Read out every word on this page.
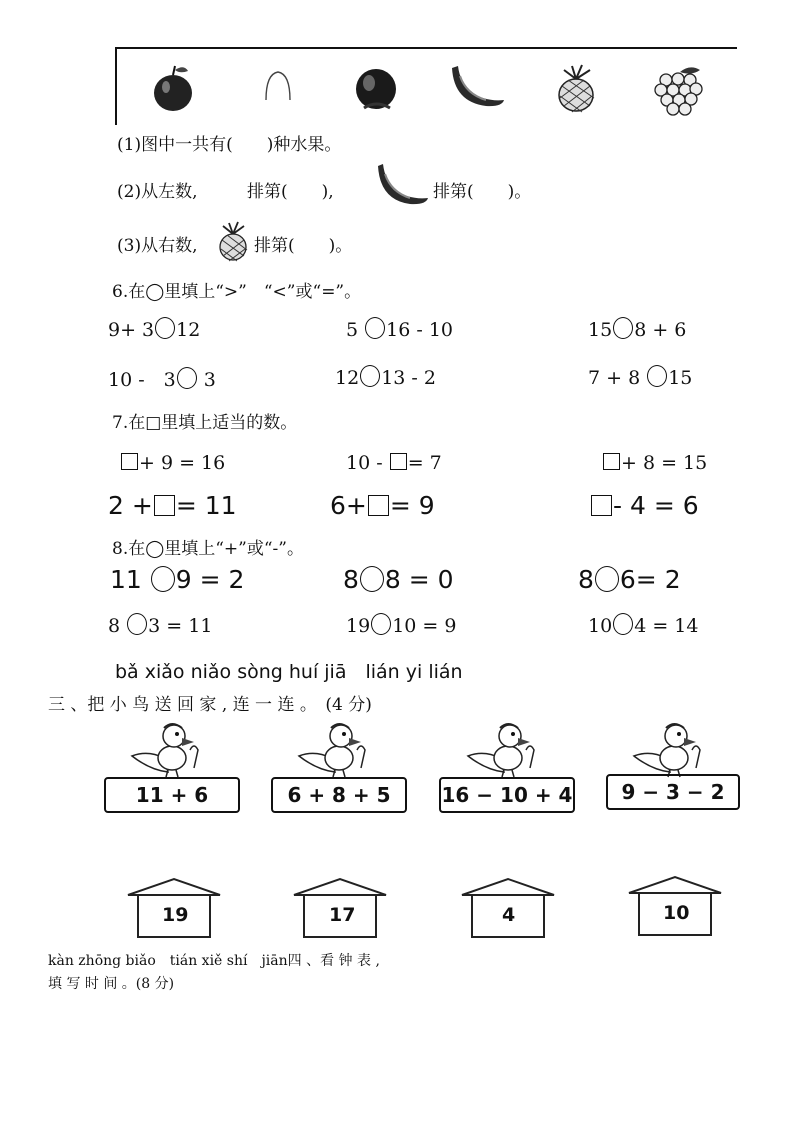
(1)图中一共有(　　)种水果。
(2)从左数,	排第(　　),	排第(　　)。
(3)从右数,	排第(　　)。
6.在◯里填上“>”　“<”或“=”。
9+ 3 12	5 16 - 10	15 8 + 6
10 -　3 3	12 13 - 2	7 + 8 15
7.在□里填上适当的数。
+ 9 = 16	10 - = 7	+ 8 = 15
2 + = 11	6+ = 9	- 4 = 6
8.在◯里填上“+”或“-”。
11 9 = 2	8 8 = 0	8 6= 2
8 3 = 11	19 10 = 9	10 4 = 14
bǎ xiǎo niǎo sòng huí jiā　lián yi lián
三 、把 小 鸟 送 回 家 , 连 一 连 。　(4 分)
11 + 6	6 + 8 + 5	16 − 10 + 4	9 − 3 − 2
19	17	4	10
kàn zhōng biǎo　tián xiě shí　jiān四 、看 钟 表 ,
填 写 时 间 。(8 分)
